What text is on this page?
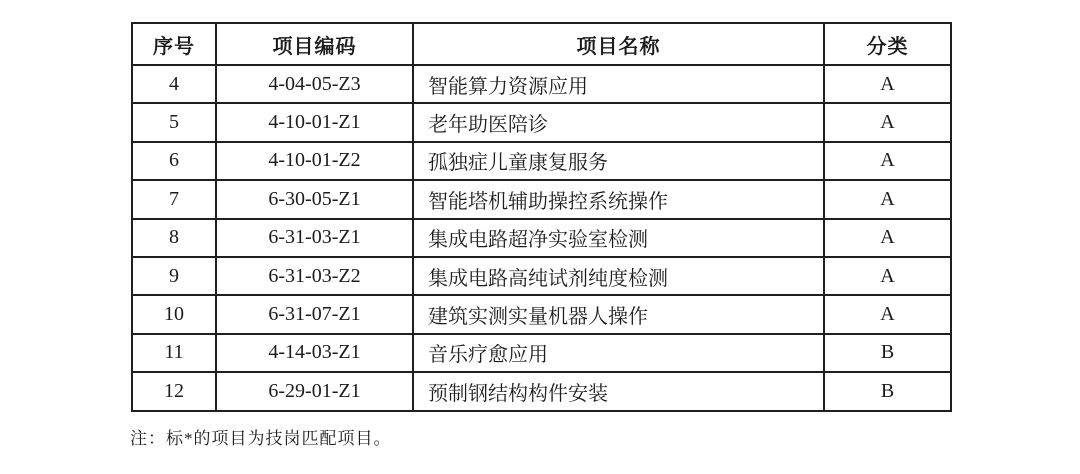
序号	项目编码	项目名称	分类
4	4-04-05-Z3	智能算力资源应用	A
5	4-10-01-Z1	老年助医陪诊	A
6	4-10-01-Z2	孤独症儿童康复服务	A
7	6-30-05-Z1	智能塔机辅助操控系统操作	A
8	6-31-03-Z1	集成电路超净实验室检测	A
9	6-31-03-Z2	集成电路高纯试剂纯度检测	A
10	6-31-07-Z1	建筑实测实量机器人操作	A
11	4-14-03-Z1	音乐疗愈应用	B
12	6-29-01-Z1	预制钢结构构件安装	B
注：标*的项目为技岗匹配项目。
